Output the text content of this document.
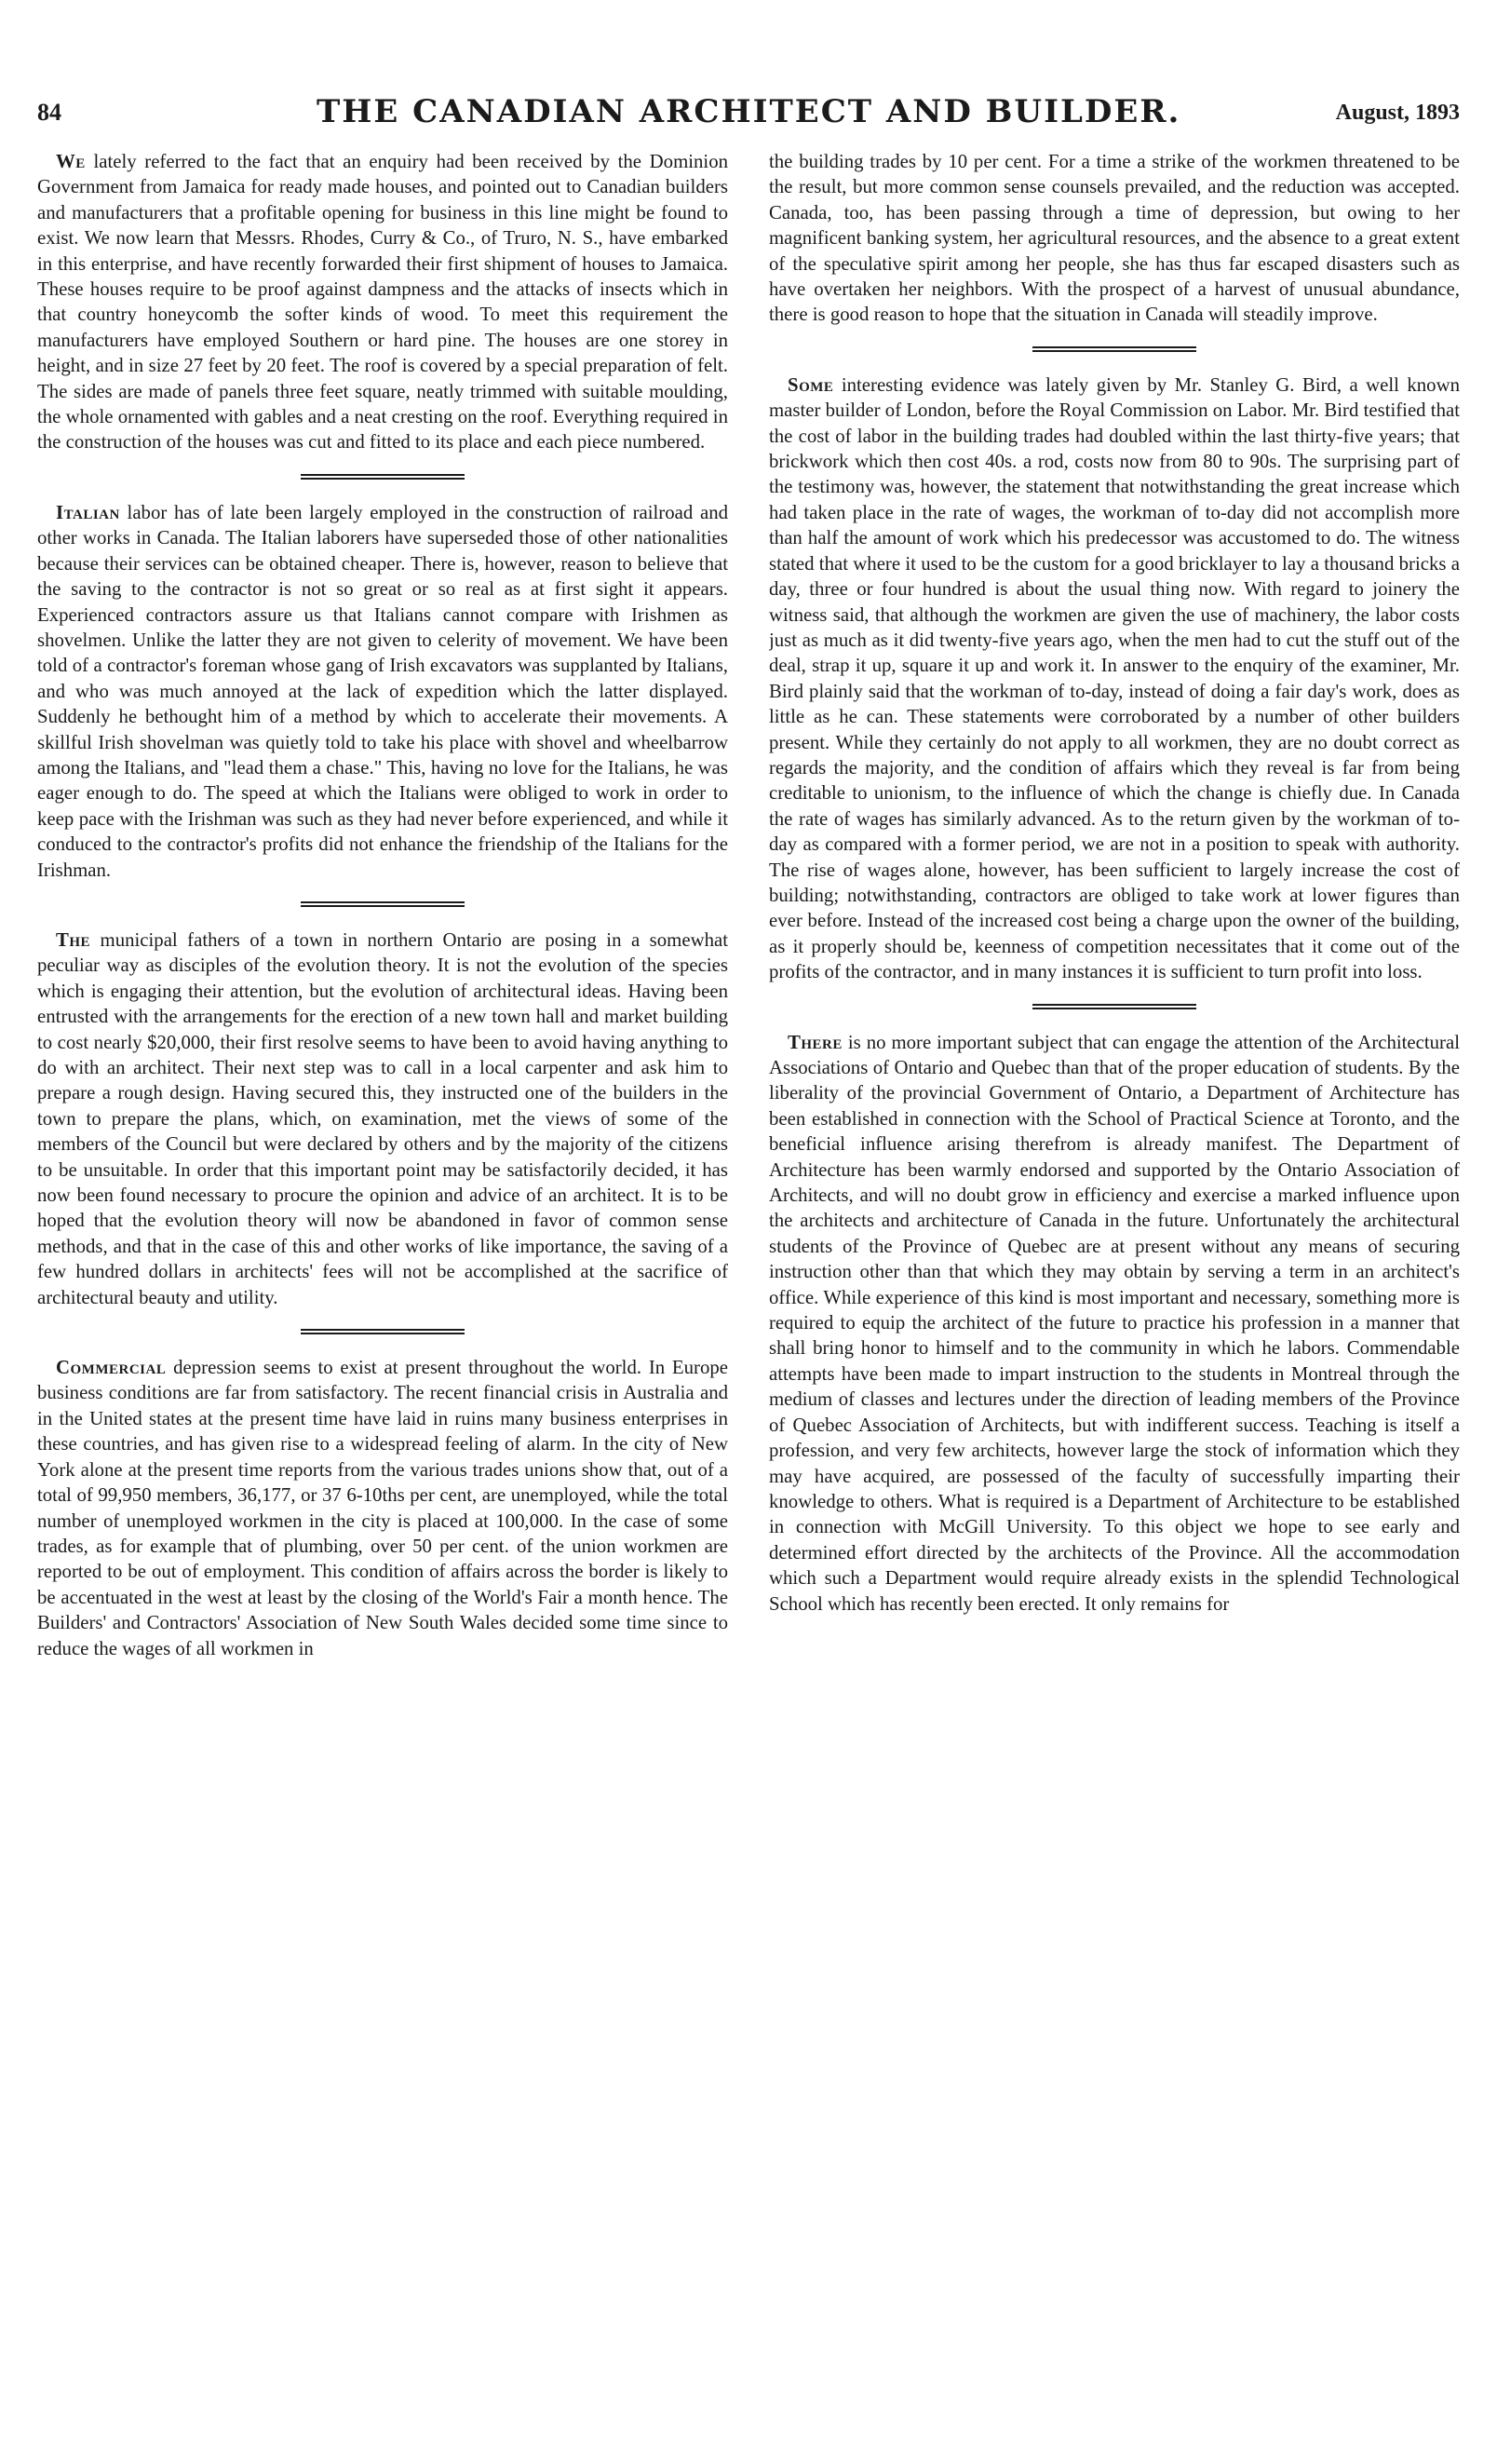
84	THE CANADIAN ARCHITECT AND BUILDER.	August, 1893

We lately referred to the fact that an enquiry had been received by the Dominion Government from Jamaica for ready made houses, and pointed out to Canadian builders and manufacturers that a profitable opening for business in this line might be found to exist. We now learn that Messrs. Rhodes, Curry & Co., of Truro, N. S., have embarked in this enterprise, and have recently forwarded their first shipment of houses to Jamaica. These houses require to be proof against dampness and the attacks of insects which in that country honeycomb the softer kinds of wood. To meet this requirement the manufacturers have employed Southern or hard pine. The houses are one storey in height, and in size 27 feet by 20 feet. The roof is covered by a special preparation of felt. The sides are made of panels three feet square, neatly trimmed with suitable moulding, the whole ornamented with gables and a neat cresting on the roof. Everything required in the construction of the houses was cut and fitted to its place and each piece numbered.

Italian labor has of late been largely employed in the construction of railroad and other works in Canada. The Italian laborers have superseded those of other nationalities because their services can be obtained cheaper. There is, however, reason to believe that the saving to the contractor is not so great or so real as at first sight it appears. Experienced contractors assure us that Italians cannot compare with Irishmen as shovelmen. Unlike the latter they are not given to celerity of movement. We have been told of a contractor's foreman whose gang of Irish excavators was supplanted by Italians, and who was much annoyed at the lack of expedition which the latter displayed. Suddenly he bethought him of a method by which to accelerate their movements. A skillful Irish shovelman was quietly told to take his place with shovel and wheelbarrow among the Italians, and "lead them a chase." This, having no love for the Italians, he was eager enough to do. The speed at which the Italians were obliged to work in order to keep pace with the Irishman was such as they had never before experienced, and while it conduced to the contractor's profits did not enhance the friendship of the Italians for the Irishman.

The municipal fathers of a town in northern Ontario are posing in a somewhat peculiar way as disciples of the evolution theory. It is not the evolution of the species which is engaging their attention, but the evolution of architectural ideas. Having been entrusted with the arrangements for the erection of a new town hall and market building to cost nearly $20,000, their first resolve seems to have been to avoid having anything to do with an architect. Their next step was to call in a local carpenter and ask him to prepare a rough design. Having secured this, they instructed one of the builders in the town to prepare the plans, which, on examination, met the views of some of the members of the Council but were declared by others and by the majority of the citizens to be unsuitable. In order that this important point may be satisfactorily decided, it has now been found necessary to procure the opinion and advice of an architect. It is to be hoped that the evolution theory will now be abandoned in favor of common sense methods, and that in the case of this and other works of like importance, the saving of a few hundred dollars in architects' fees will not be accomplished at the sacrifice of architectural beauty and utility.

Commercial depression seems to exist at present throughout the world. In Europe business conditions are far from satisfactory. The recent financial crisis in Australia and in the United states at the present time have laid in ruins many business enterprises in these countries, and has given rise to a widespread feeling of alarm. In the city of New York alone at the present time reports from the various trades unions show that, out of a total of 99,950 members, 36,177, or 37 6-10ths per cent, are unemployed, while the total number of unemployed workmen in the city is placed at 100,000. In the case of some trades, as for example that of plumbing, over 50 per cent. of the union workmen are reported to be out of employment. This condition of affairs across the border is likely to be accentuated in the west at least by the closing of the World's Fair a month hence. The Builders' and Contractors' Association of New South Wales decided some time since to reduce the wages of all workmen in

the building trades by 10 per cent. For a time a strike of the workmen threatened to be the result, but more common sense counsels prevailed, and the reduction was accepted. Canada, too, has been passing through a time of depression, but owing to her magnificent banking system, her agricultural resources, and the absence to a great extent of the speculative spirit among her people, she has thus far escaped disasters such as have overtaken her neighbors. With the prospect of a harvest of unusual abundance, there is good reason to hope that the situation in Canada will steadily improve.

Some interesting evidence was lately given by Mr. Stanley G. Bird, a well known master builder of London, before the Royal Commission on Labor. Mr. Bird testified that the cost of labor in the building trades had doubled within the last thirty-five years; that brickwork which then cost 40s. a rod, costs now from 80 to 90s. The surprising part of the testimony was, however, the statement that notwithstanding the great increase which had taken place in the rate of wages, the workman of to-day did not accomplish more than half the amount of work which his predecessor was accustomed to do. The witness stated that where it used to be the custom for a good bricklayer to lay a thousand bricks a day, three or four hundred is about the usual thing now. With regard to joinery the witness said, that although the workmen are given the use of machinery, the labor costs just as much as it did twenty-five years ago, when the men had to cut the stuff out of the deal, strap it up, square it up and work it. In answer to the enquiry of the examiner, Mr. Bird plainly said that the workman of to-day, instead of doing a fair day's work, does as little as he can. These statements were corroborated by a number of other builders present. While they certainly do not apply to all workmen, they are no doubt correct as regards the majority, and the condition of affairs which they reveal is far from being creditable to unionism, to the influence of which the change is chiefly due. In Canada the rate of wages has similarly advanced. As to the return given by the workman of to-day as compared with a former period, we are not in a position to speak with authority. The rise of wages alone, however, has been sufficient to largely increase the cost of building; notwithstanding, contractors are obliged to take work at lower figures than ever before. Instead of the increased cost being a charge upon the owner of the building, as it properly should be, keenness of competition necessitates that it come out of the profits of the contractor, and in many instances it is sufficient to turn profit into loss.

There is no more important subject that can engage the attention of the Architectural Associations of Ontario and Quebec than that of the proper education of students. By the liberality of the provincial Government of Ontario, a Department of Architecture has been established in connection with the School of Practical Science at Toronto, and the beneficial influence arising therefrom is already manifest. The Department of Architecture has been warmly endorsed and supported by the Ontario Association of Architects, and will no doubt grow in efficiency and exercise a marked influence upon the architects and architecture of Canada in the future. Unfortunately the architectural students of the Province of Quebec are at present without any means of securing instruction other than that which they may obtain by serving a term in an architect's office. While experience of this kind is most important and necessary, something more is required to equip the architect of the future to practice his profession in a manner that shall bring honor to himself and to the community in which he labors. Commendable attempts have been made to impart instruction to the students in Montreal through the medium of classes and lectures under the direction of leading members of the Province of Quebec Association of Architects, but with indifferent success. Teaching is itself a profession, and very few architects, however large the stock of information which they may have acquired, are possessed of the faculty of successfully imparting their knowledge to others. What is required is a Department of Architecture to be established in connection with McGill University. To this object we hope to see early and determined effort directed by the architects of the Province. All the accommodation which such a Department would require already exists in the splendid Technological School which has recently been erected. It only remains for
